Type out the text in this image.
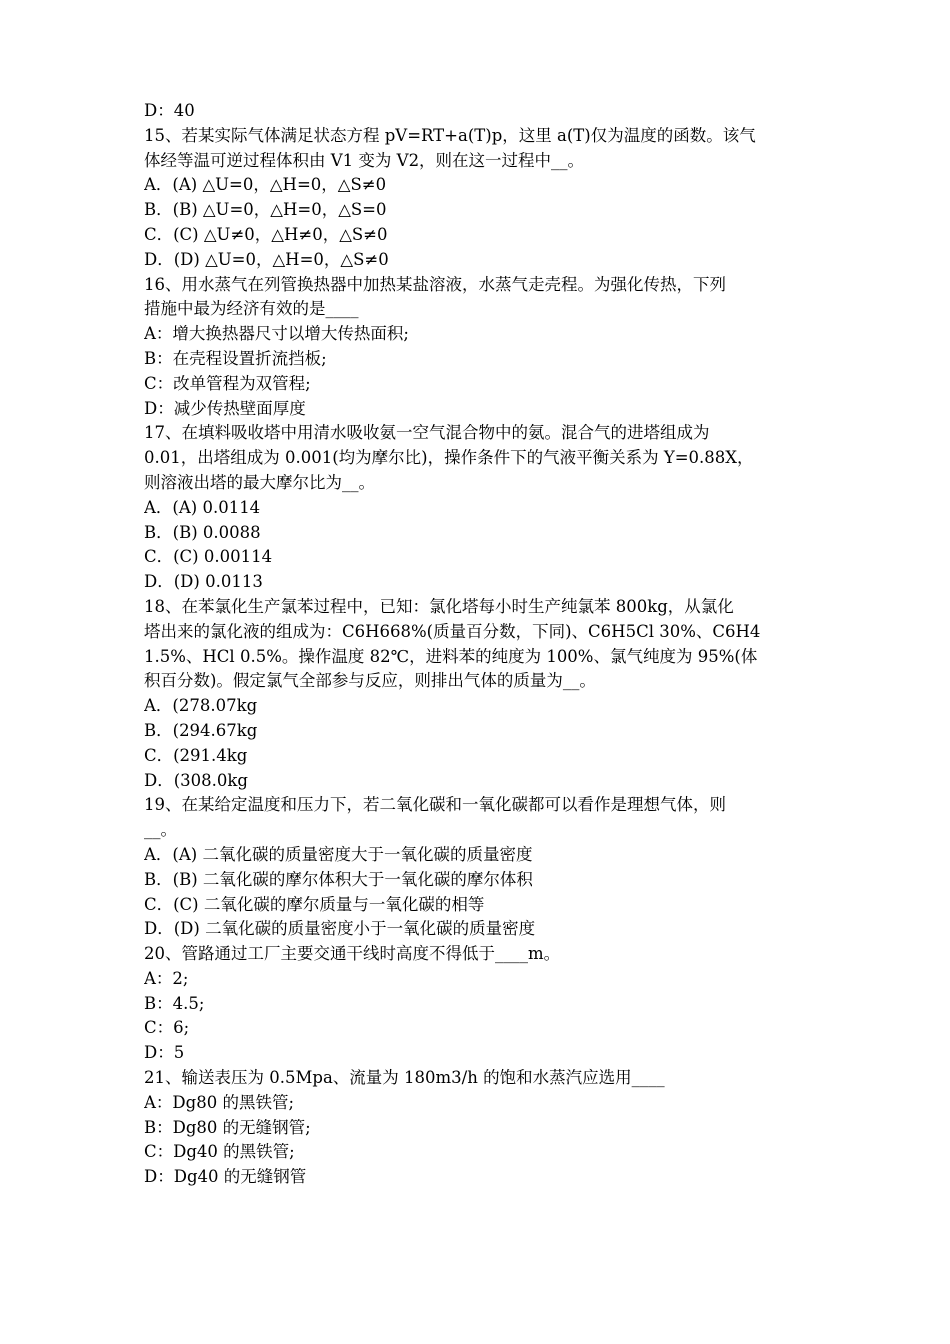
D：40
15、若某实际气体满足状态方程 pV=RT+a(T)p，这里 a(T)仅为温度的函数。该气
体经等温可逆过程体积由 V1 变为 V2，则在这一过程中__。
A．(A) △U=0，△H=0，△S≠0
B．(B) △U=0，△H=0，△S=0
C．(C) △U≠0，△H≠0，△S≠0
D．(D) △U=0，△H=0，△S≠0
16、用水蒸气在列管换热器中加热某盐溶液，水蒸气走壳程。为强化传热，下列
措施中最为经济有效的是____
A：增大换热器尺寸以增大传热面积;
B：在壳程设置折流挡板;
C：改单管程为双管程;
D：减少传热壁面厚度
17、在填料吸收塔中用清水吸收氨一空气混合物中的氨。混合气的进塔组成为
0.01，出塔组成为 0.001(均为摩尔比)，操作条件下的气液平衡关系为 Y=0.88X，
则溶液出塔的最大摩尔比为__。
A．(A) 0.0114
B．(B) 0.0088
C．(C) 0.00114
D．(D) 0.0113
18、在苯氯化生产氯苯过程中，已知：氯化塔每小时生产纯氯苯 800kg，从氯化
塔出来的氯化液的组成为：C6H668%(质量百分数，下同)、C6H5Cl 30%、C6H4
1.5%、HCl 0.5%。操作温度 82℃，进料苯的纯度为 100%、氯气纯度为 95%(体
积百分数)。假定氯气全部参与反应，则排出气体的质量为__。
A．(278.07kg
B．(294.67kg
C．(291.4kg
D．(308.0kg
19、在某给定温度和压力下，若二氧化碳和一氧化碳都可以看作是理想气体，则
__。
A．(A) 二氧化碳的质量密度大于一氧化碳的质量密度
B．(B) 二氧化碳的摩尔体积大于一氧化碳的摩尔体积
C．(C) 二氧化碳的摩尔质量与一氧化碳的相等
D．(D) 二氧化碳的质量密度小于一氧化碳的质量密度
20、管路通过工厂主要交通干线时高度不得低于____m。
A：2;
B：4.5;
C：6;
D：5
21、输送表压为 0.5Mpa、流量为 180m3/h 的饱和水蒸汽应选用____
A：Dg80 的黑铁管;
B：Dg80 的无缝钢管;
C：Dg40 的黑铁管;
D：Dg40 的无缝钢管
